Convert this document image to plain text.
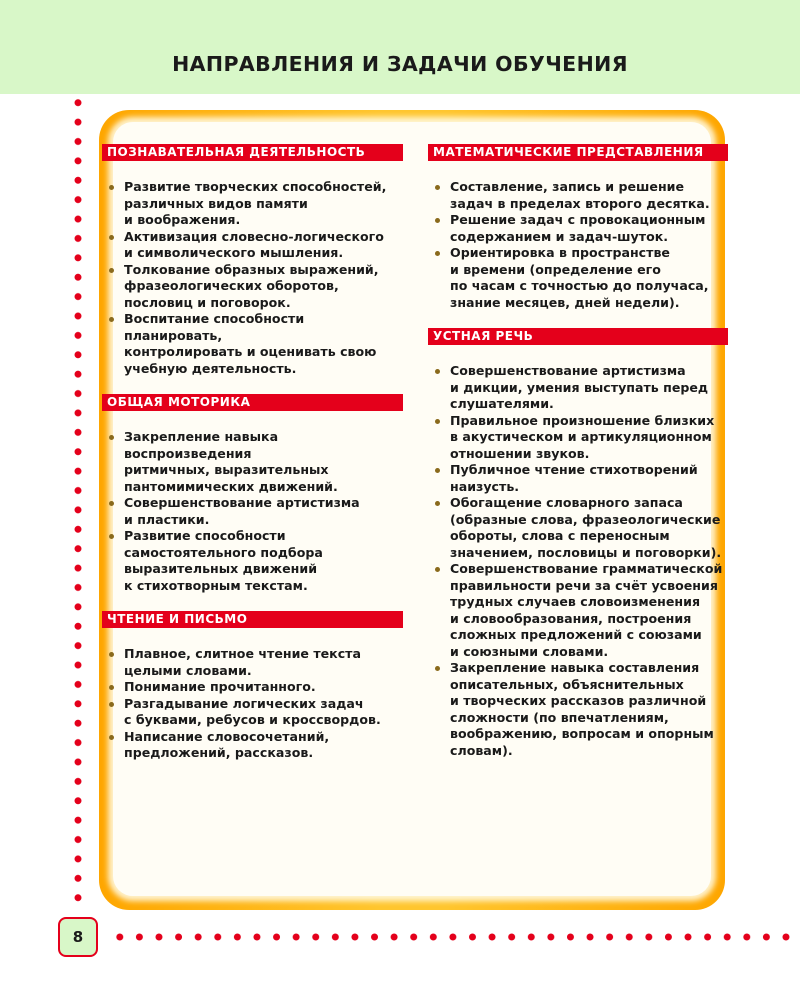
НАПРАВЛЕНИЯ И ЗАДАЧИ ОБУЧЕНИЯ
8
ПОЗНАВАТЕЛЬНАЯ ДЕЯТЕЛЬНОСТЬ
Развитие творческих способностей,
различных видов памяти
и воображения.
Активизация словесно-логического
и символического мышления.
Толкование образных выражений,
фразеологических оборотов,
пословиц и поговорок.
Воспитание способности планировать,
контролировать и оценивать свою
учебную деятельность.
ОБЩАЯ МОТОРИКА
Закрепление навыка воспроизведения
ритмичных, выразительных
пантомимических движений.
Совершенствование артистизма
и пластики.
Развитие способности
самостоятельного подбора
выразительных движений
к стихотворным текстам.
ЧТЕНИЕ И ПИСЬМО
Плавное, слитное чтение текста
целыми словами.
Понимание прочитанного.
Разгадывание логических задач
с буквами, ребусов и кроссвордов.
Написание словосочетаний,
предложений, рассказов.
МАТЕМАТИЧЕСКИЕ ПРЕДСТАВЛЕНИЯ
Составление, запись и решение
задач в пределах второго десятка.
Решение задач с провокационным
содержанием и задач-шуток.
Ориентировка в пространстве
и времени (определение его
по часам с точностью до получаса,
знание месяцев, дней недели).
УСТНАЯ РЕЧЬ
Совершенствование артистизма
и дикции, умения выступать перед
слушателями.
Правильное произношение близких
в акустическом и артикуляционном
отношении звуков.
Публичное чтение стихотворений
наизусть.
Обогащение словарного запаса
(образные слова, фразеологические
обороты, слова с переносным
значением, пословицы и поговорки).
Совершенствование грамматической
правильности речи за счёт усвоения
трудных случаев словоизменения
и словообразования, построения
сложных предложений с союзами
и союзными словами.
Закрепление навыка составления
описательных, объяснительных
и творческих рассказов различной
сложности (по впечатлениям,
воображению, вопросам и опорным
словам).
